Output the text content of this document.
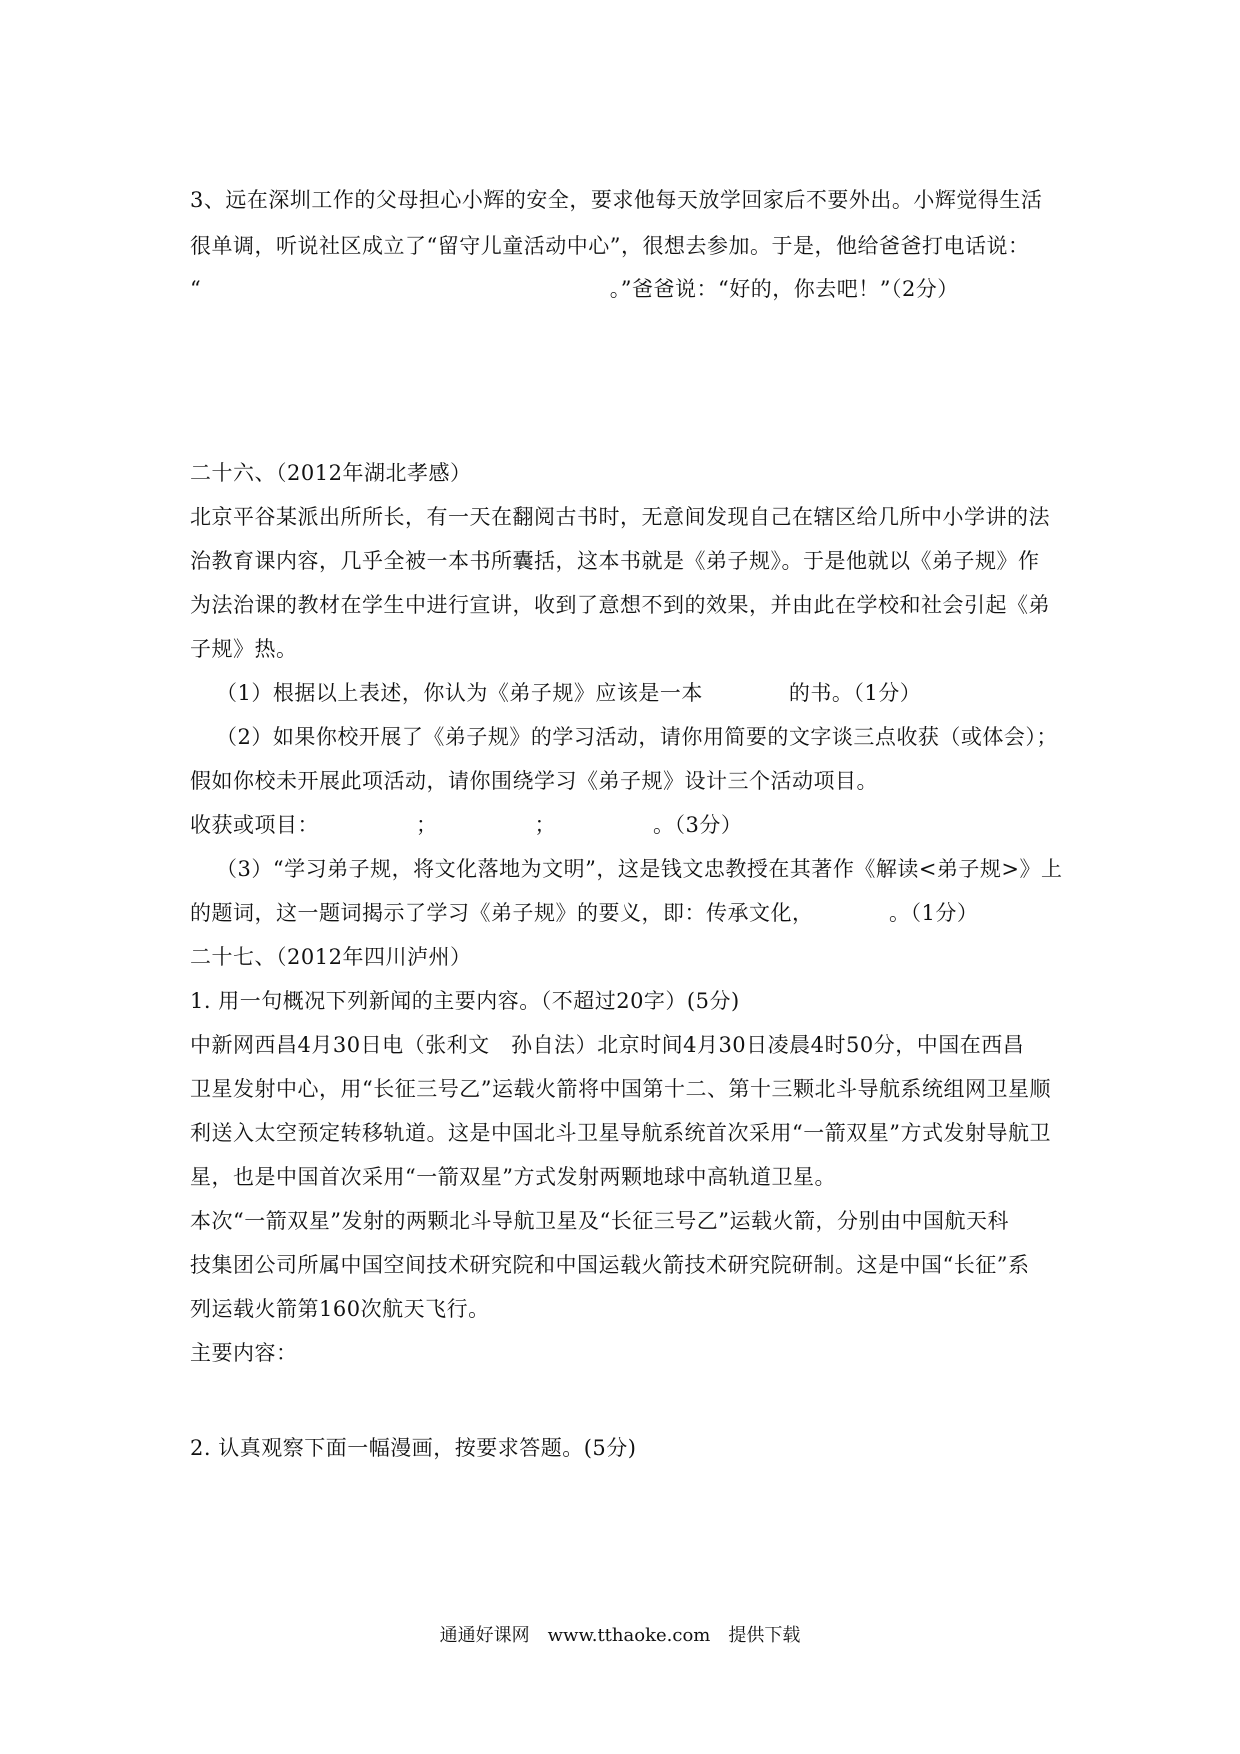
3、远在深圳工作的父母担心小辉的安全，要求他每天放学回家后不要外出。小辉觉得生活
很单调，听说社区成立了“留守儿童活动中心”，很想去参加。于是，他给爸爸打电话说：
“　　　　　　　　　　　　　　　　　　　。”爸爸说：“好的，你去吧！”（2分）
二十六、（2012年湖北孝感）
北京平谷某派出所所长，有一天在翻阅古书时，无意间发现自己在辖区给几所中小学讲的法
治教育课内容，几乎全被一本书所囊括，这本书就是《弟子规》。于是他就以《弟子规》作
为法治课的教材在学生中进行宣讲，收到了意想不到的效果，并由此在学校和社会引起《弟
子规》热。
（1）根据以上表述，你认为《弟子规》应该是一本　　　　的书。（1分）
（2）如果你校开展了《弟子规》的学习活动，请你用简要的文字谈三点收获（或体会）；
假如你校未开展此项活动，请你围绕学习《弟子规》设计三个活动项目。
收获或项目：　　　　　；　　　　　；　　　　　。（3分）
（3）“学习弟子规，将文化落地为文明”，这是钱文忠教授在其著作《解读<弟子规>》上
的题词，这一题词揭示了学习《弟子规》的要义，即：传承文化，　　　　。（1分）
二十七、（2012年四川泸州）
1. 用一句概况下列新闻的主要内容。（不超过20字）(5分)
中新网西昌4月30日电（张利文　孙自法）北京时间4月30日凌晨4时50分，中国在西昌
卫星发射中心，用“长征三号乙”运载火箭将中国第十二、第十三颗北斗导航系统组网卫星顺
利送入太空预定转移轨道。这是中国北斗卫星导航系统首次采用“一箭双星”方式发射导航卫
星，也是中国首次采用“一箭双星”方式发射两颗地球中高轨道卫星。
本次“一箭双星”发射的两颗北斗导航卫星及“长征三号乙”运载火箭，分别由中国航天科
技集团公司所属中国空间技术研究院和中国运载火箭技术研究院研制。这是中国“长征”系
列运载火箭第160次航天飞行。
主要内容：
2. 认真观察下面一幅漫画，按要求答题。(5分)
通通好课网　www.tthaoke.com　提供下载
